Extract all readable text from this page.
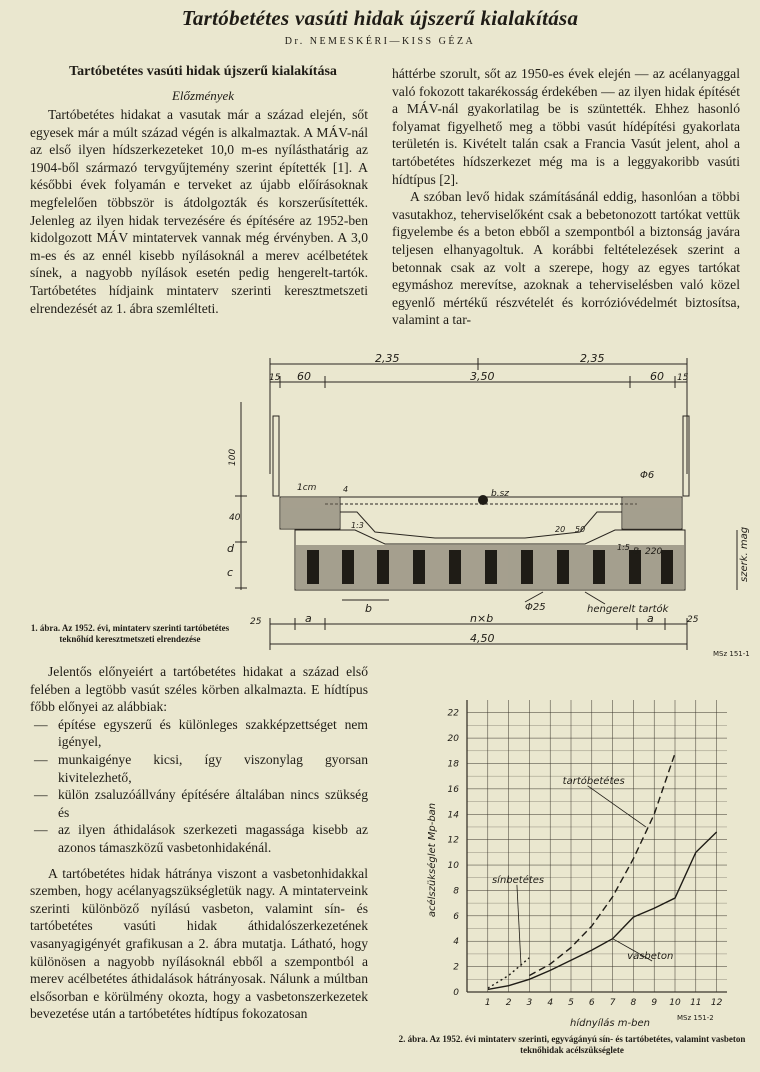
Tartóbetétes vasúti hidak újszerű kialakítása
Dr. NEMESKÉRI—KISS GÉZA
Tartóbetétes vasúti hidak újszerű kialakítása
Előzmények

Tartóbetétes hidakat a vasutak már a század elején, sőt egyesek már a múlt század végén is alkalmaztak. A MÁV-nál az első ilyen hídszerkezeteket 10,0 m-es nyílásthatárig az 1904-ből származó tervgyűjtemény szerint építették [1]. A későbbi évek folyamán e terveket az újabb előírásoknak megfelelően többször is átdolgozták és korszerűsítették. Jelenleg az ilyen hidak tervezésére és építésére az 1952-ben kidolgozott MÁV mintatervek vannak még érvényben. A 3,0 m-es és az ennél kisebb nyílásoknál a merev acélbetétek sínek, a nagyobb nyílások esetén pedig hengerelt-tartók. Tartóbetétes hídjaink mintaterv szerinti keresztmetszeti elrendezését az 1. ábra szemlélteti.

háttérbe szorult, sőt az 1950-es évek elején — az acélanyaggal való fokozott takarékosság érdekében — az ilyen hidak építését a MÁV-nál gyakorlatilag be is szüntették. Ehhez hasonló folyamat figyelhető meg a többi vasút hídépítési gyakorlata területén is. Kivételt talán csak a Francia Vasút jelent, ahol a tartóbetétes hídszerkezet még ma is a leggyakoribb vasúti hídtípus [2].

A szóban levő hidak számításánál eddig, hasonlóan a többi vasutakhoz, teherviselőként csak a bebetonozott tartókat vettük figyelembe és a beton ebből a szempontból a biztonság javára teljesen elhanyagoltuk. A korábbi feltételezések szerint a betonnak csak az volt a szerepe, hogy az egyes tartókat egymáshoz merevítse, azoknak a teherviselésben való közel egyenlő mértékű részvételét és korrózióvédelmét biztosítsa, valamint a tar-

2,35	2,35
15 60	3,50	60 15
100
40
d
c
1cm
b.sz
4
1:3	20 50
1:5
Φ6
B 220
b	Φ25	hengerelt tartók
szerk. mag
25	a	n×b	a	25
4,50
MSz 151-1
1. ábra. Az 1952. évi, mintaterv szerinti tartóbetétes teknőhíd keresztmetszeti elrendezése

Jelentős előnyeiért a tartóbetétes hidakat a század első felében a legtöbb vasút széles körben alkalmazta. E hídtípus főbb előnyei az alábbiak:

— építése egyszerű és különleges szakképzettséget nem igényel,
— munkaigénye kicsi, így viszonylag gyorsan kivitelezhető,
— külön zsaluzóállvány építésére általában nincs szükség és
— az ilyen áthidalások szerkezeti magassága kisebb az azonos támaszközű vasbetonhidakénál.

A tartóbetétes hidak hátránya viszont a vasbetonhidakkal szemben, hogy acélanyagszükségletük nagy. A mintaterveink szerinti különböző nyílású vasbeton, valamint sín- és tartóbetétes vasúti hidak áthidalószerkezetének vasanyagigényét grafikusan a 2. ábra mutatja. Látható, hogy különösen a nagyobb nyílásoknál ebből a szempontból a merev acélbetétes áthidalások hátrányosak. Nálunk a múltban elsősorban e körülmény okozta, hogy a vasbetonszerkezetek bevezetése után a tartóbetétes hídtípus fokozatosan

1 2 3 4 5 6 7 8 9 10 11 12
0
2
4
6
8
10
12
14
16
18
20
22
tartóbetétes
sínbetétes
vasbeton
acélszükséglet Mp-ban
hídnyílás m-ben	MSz 151-2
2. ábra. Az 1952. évi mintaterv szerinti, egyvágányú sín- és tartóbetétes, valamint vasbeton teknőhidak acélszükséglete
